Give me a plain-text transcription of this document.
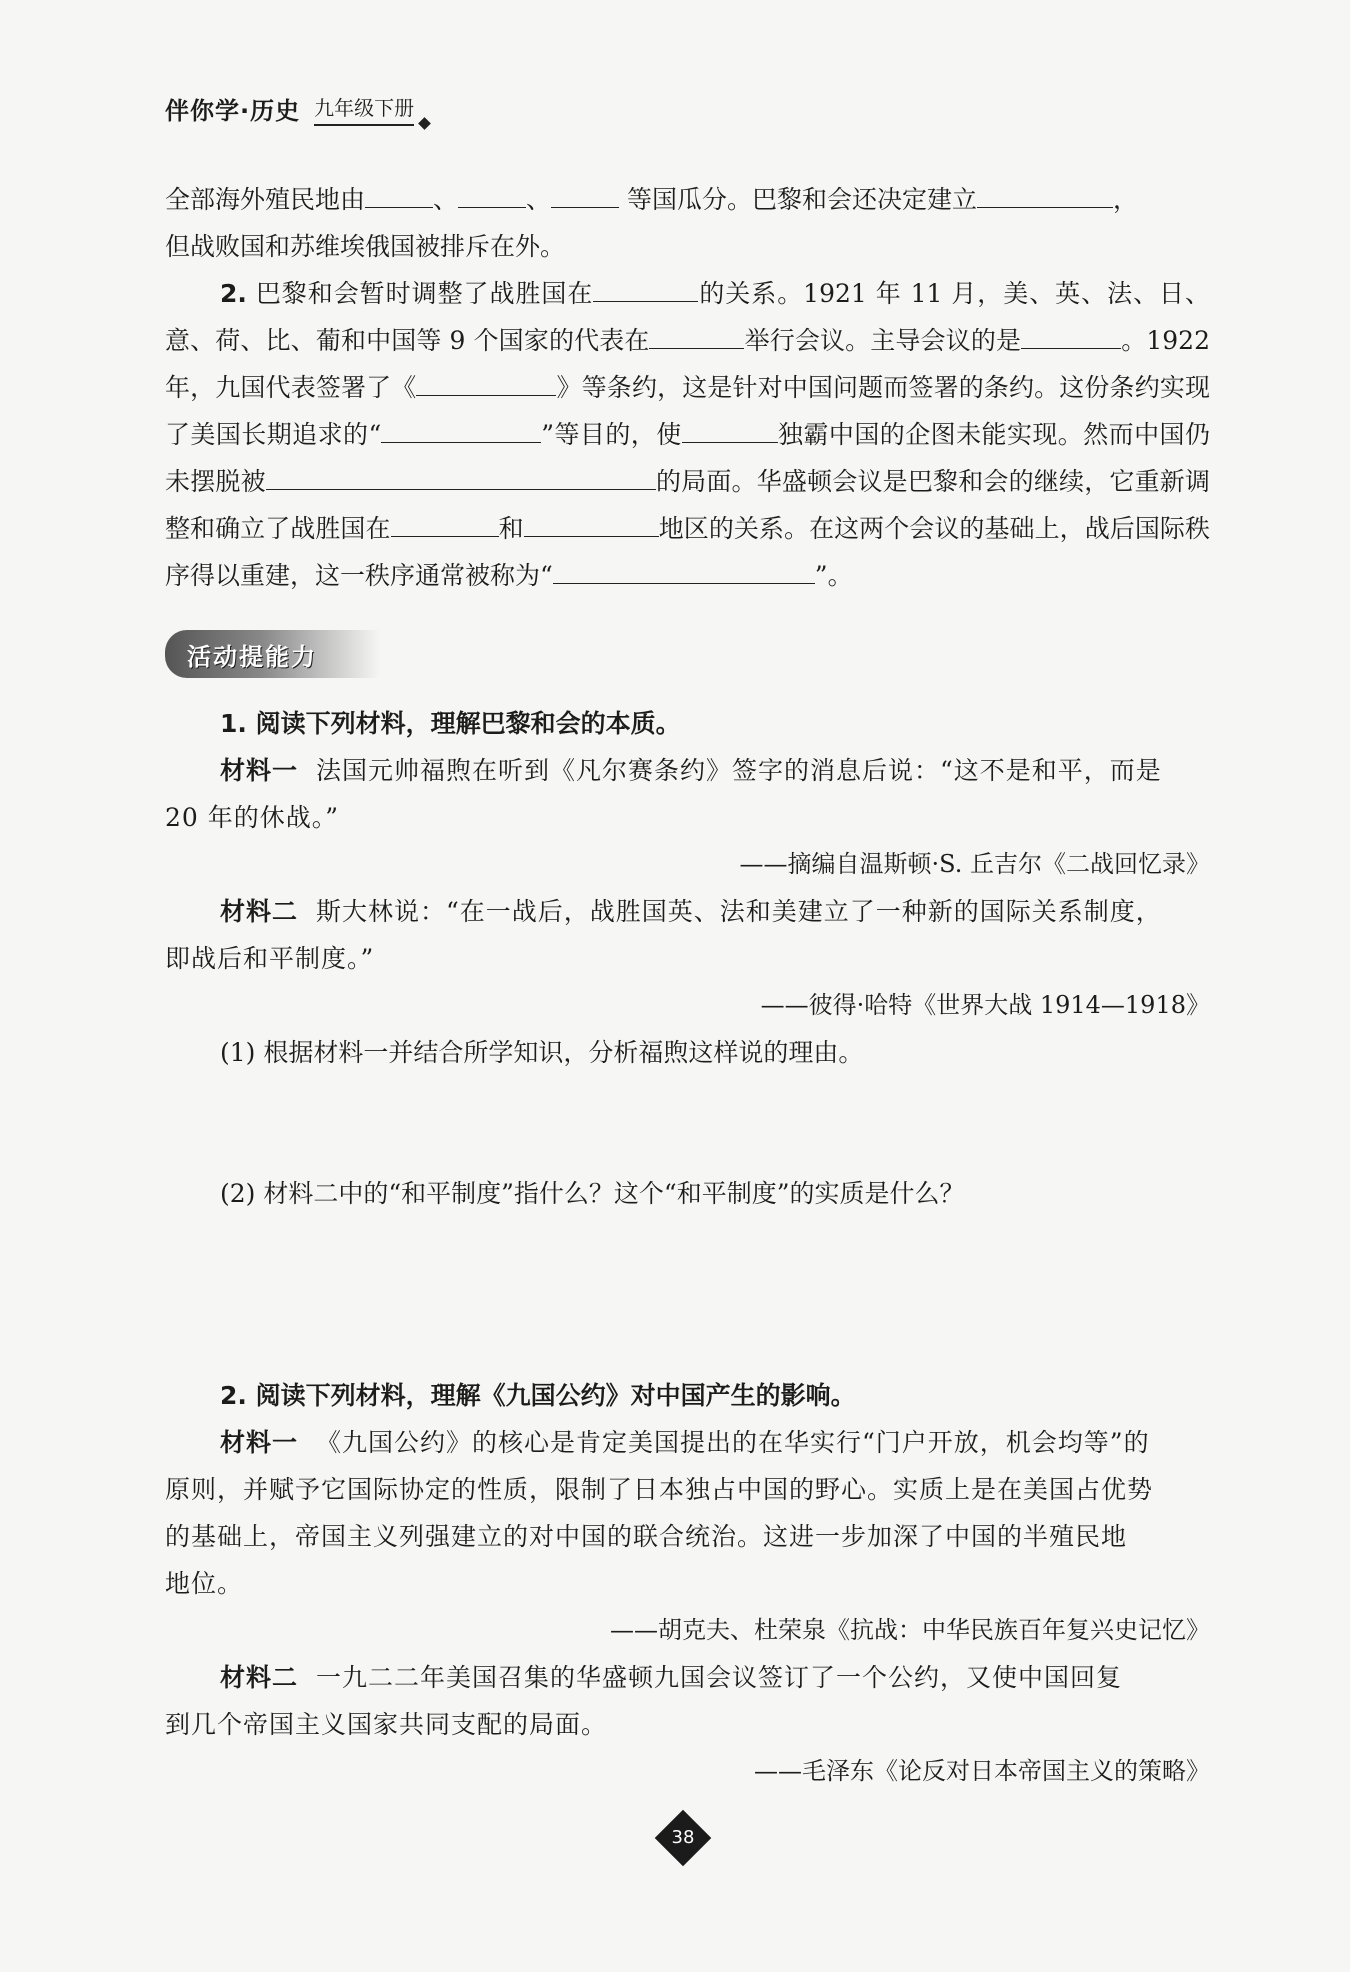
伴你学·历史 九年级下册

全部海外殖民地由	、	、	等国瓜分。巴黎和会还决定建立	，

但战败国和苏维埃俄国被排斥在外。

2. 巴黎和会暂时调整了战胜国在	的关系。1921 年 11 月，美、英、法、日、意、荷、比、葡和中国等 9 个国家的代表在	举行会议。主导会议的是	。1922年，九国代表签署了《	》等条约，这是针对中国问题而签署的条约。这份条约实现了美国长期追求的“	”等目的，使	独霸中国的企图未能实现。然而中国仍未摆脱被	的局面。华盛顿会议是巴黎和会的继续，它重新调整和确立了战胜国在	和	地区的关系。在这两个会议的基础上，战后国际秩序得以重建，这一秩序通常被称为“	”。

活动提能力

1. 阅读下列材料，理解巴黎和会的本质。

材料一 法国元帅福煦在听到《凡尔赛条约》签字的消息后说：“这不是和平，而是

20 年的休战。”

——摘编自温斯顿·S. 丘吉尔《二战回忆录》

材料二 斯大林说：“在一战后，战胜国英、法和美建立了一种新的国际关系制度，

即战后和平制度。”

——彼得·哈特《世界大战 1914—1918》

(1) 根据材料一并结合所学知识，分析福煦这样说的理由。

(2) 材料二中的“和平制度”指什么？这个“和平制度”的实质是什么？

2. 阅读下列材料，理解《九国公约》对中国产生的影响。

材料一 《九国公约》的核心是肯定美国提出的在华实行“门户开放，机会均等”的

原则，并赋予它国际协定的性质，限制了日本独占中国的野心。实质上是在美国占优势

的基础上，帝国主义列强建立的对中国的联合统治。这进一步加深了中国的半殖民地

地位。

——胡克夫、杜荣泉《抗战：中华民族百年复兴史记忆》

材料二 一九二二年美国召集的华盛顿九国会议签订了一个公约，又使中国回复

到几个帝国主义国家共同支配的局面。

——毛泽东《论反对日本帝国主义的策略》

38
